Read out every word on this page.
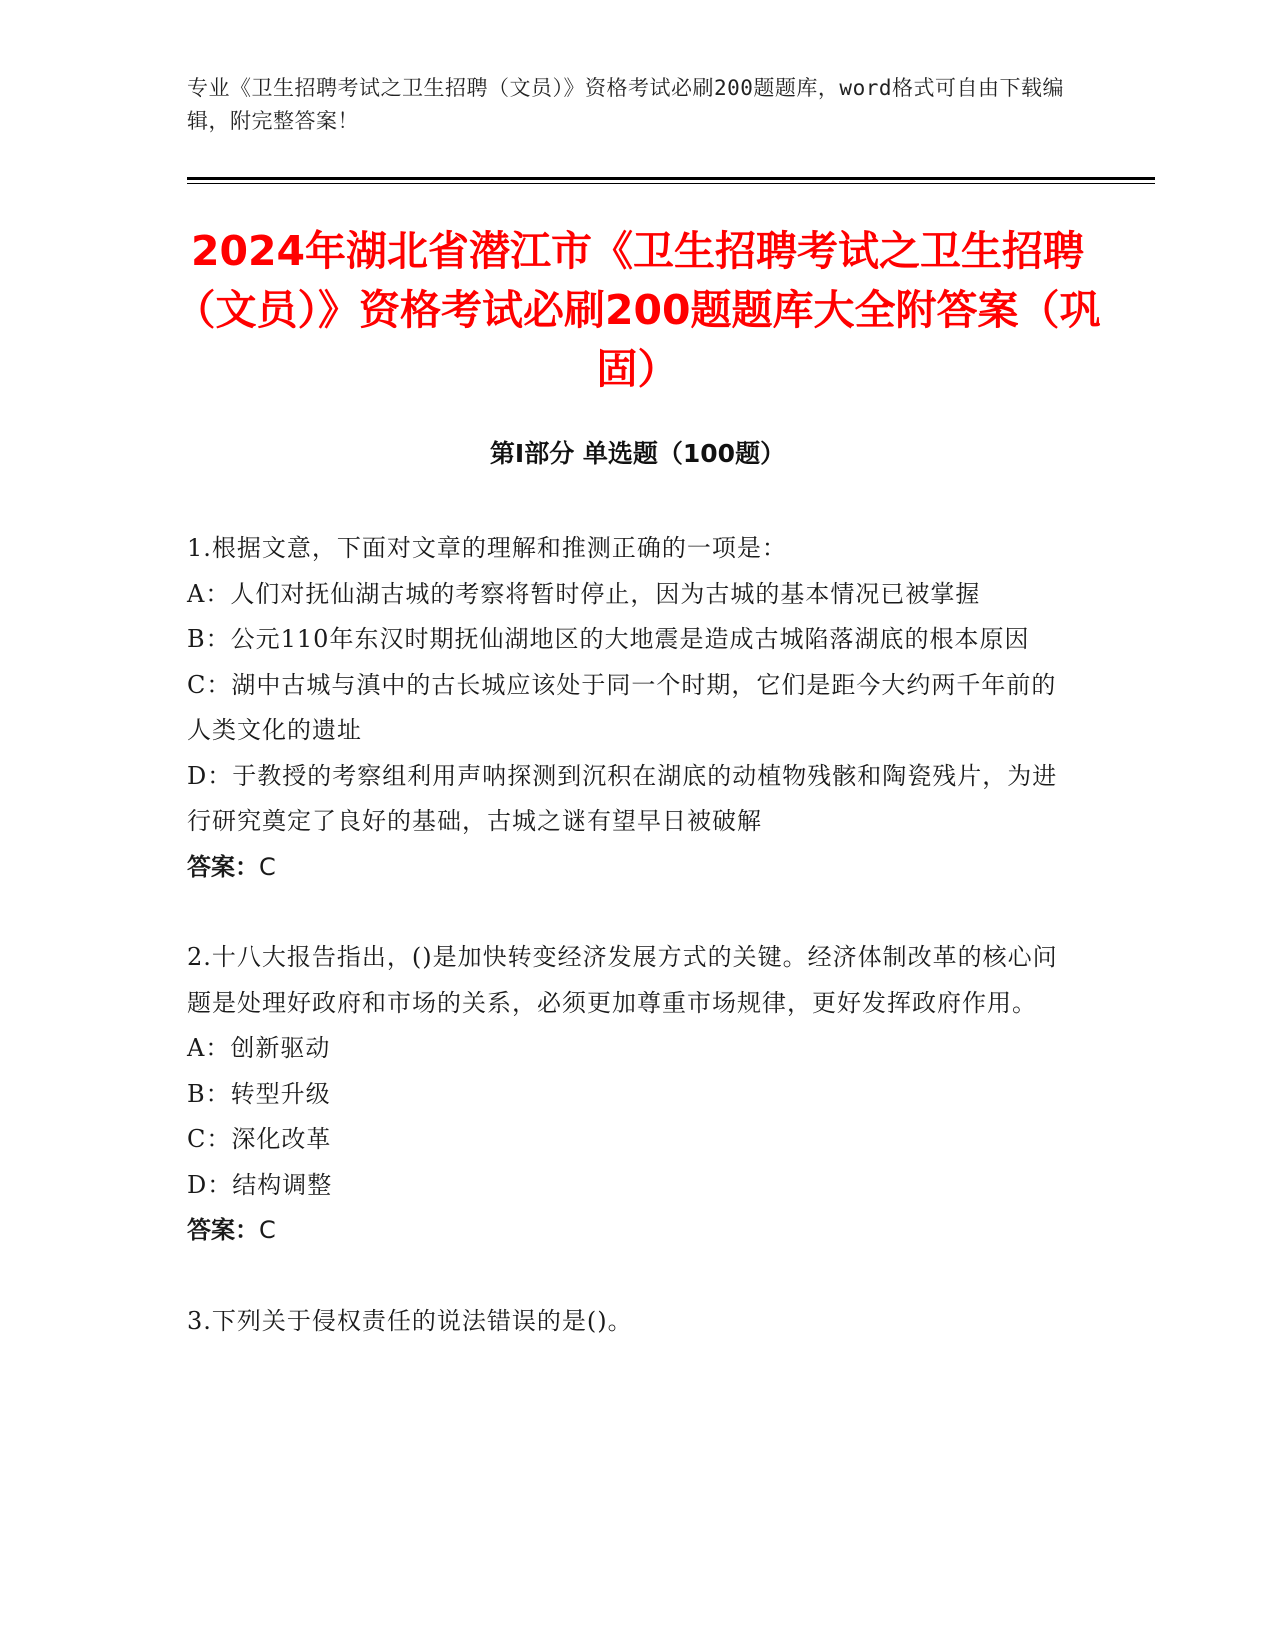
专业《卫生招聘考试之卫生招聘（文员）》资格考试必刷200题题库，word格式可自由下载编辑，附完整答案！
2024年湖北省潜江市《卫生招聘考试之卫生招聘（文员）》资格考试必刷200题题库大全附答案（巩固）
第I部分 单选题（100题）

1.根据文意，下面对文章的理解和推测正确的一项是：

A：人们对抚仙湖古城的考察将暂时停止，因为古城的基本情况已被掌握

B：公元110年东汉时期抚仙湖地区的大地震是造成古城陷落湖底的根本原因

C：湖中古城与滇中的古长城应该处于同一个时期，它们是距今大约两千年前的人类文化的遗址

D：于教授的考察组利用声呐探测到沉积在湖底的动植物残骸和陶瓷残片，为进行研究奠定了良好的基础，古城之谜有望早日被破解

答案：C

2.十八大报告指出，()是加快转变经济发展方式的关键。经济体制改革的核心问题是处理好政府和市场的关系，必须更加尊重市场规律，更好发挥政府作用。

A：创新驱动

B：转型升级

C：深化改革

D：结构调整

答案：C

3.下列关于侵权责任的说法错误的是()。
